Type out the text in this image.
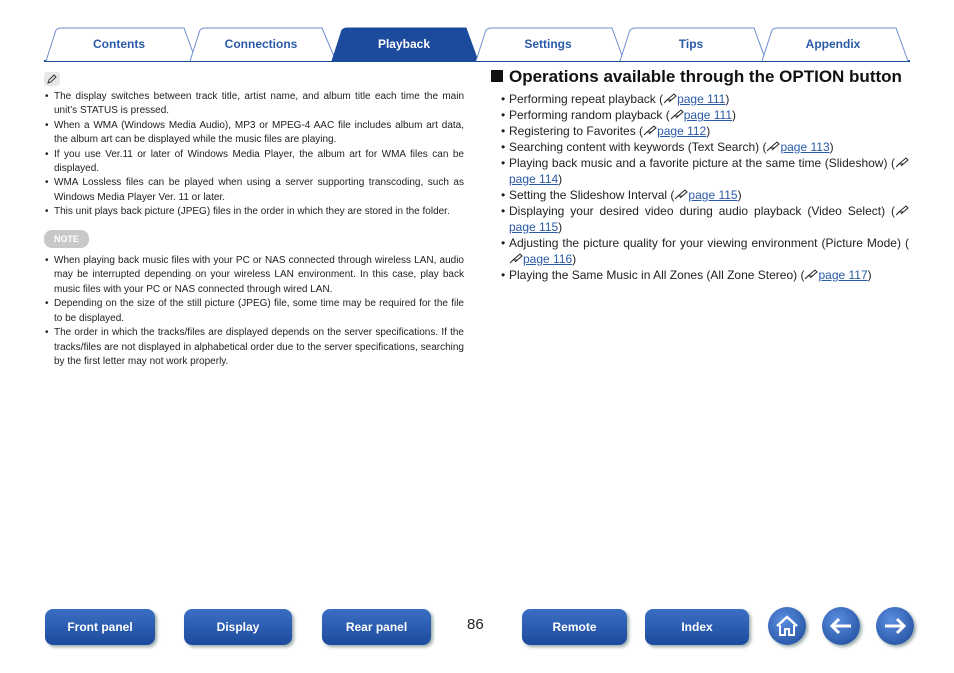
Contents	Connections	Playback	Settings	Tips	Appendix
• The display switches between track title, artist name, and album title each time the main unit’s STATUS is pressed.
• When a WMA (Windows Media Audio), MP3 or MPEG-4 AAC file includes album art data, the album art can be displayed while the music files are playing.
• If you use Ver.11 or later of Windows Media Player, the album art for WMA files can be displayed.
• WMA Lossless files can be played when using a server supporting transcoding, such as Windows Media Player Ver. 11 or later.
• This unit plays back picture (JPEG) files in the order in which they are stored in the folder.
NOTE
• When playing back music files with your PC or NAS connected through wireless LAN, audio may be interrupted depending on your wireless LAN environment. In this case, play back music files with your PC or NAS connected through wired LAN.
• Depending on the size of the still picture (JPEG) file, some time may be required for the file to be displayed.
• The order in which the tracks/files are displayed depends on the server specifications. If the tracks/files are not displayed in alphabetical order due to the server specifications, searching by the first letter may not work properly.
Operations available through the OPTION button
• Performing repeat playback ( page 111)
• Performing random playback ( page 111)
• Registering to Favorites ( page 112)
• Searching content with keywords (Text Search) ( page 113)
• Playing back music and a favorite picture at the same time (Slideshow) (page 114)
• Setting the Slideshow Interval ( page 115)
• Displaying your desired video during audio playback (Video Select) (page 115)
• Adjusting the picture quality for your viewing environment (Picture Mode) (page 116)
• Playing the Same Music in All Zones (All Zone Stereo) ( page 117)
Front panel	Display	Rear panel	86	Remote	Index
